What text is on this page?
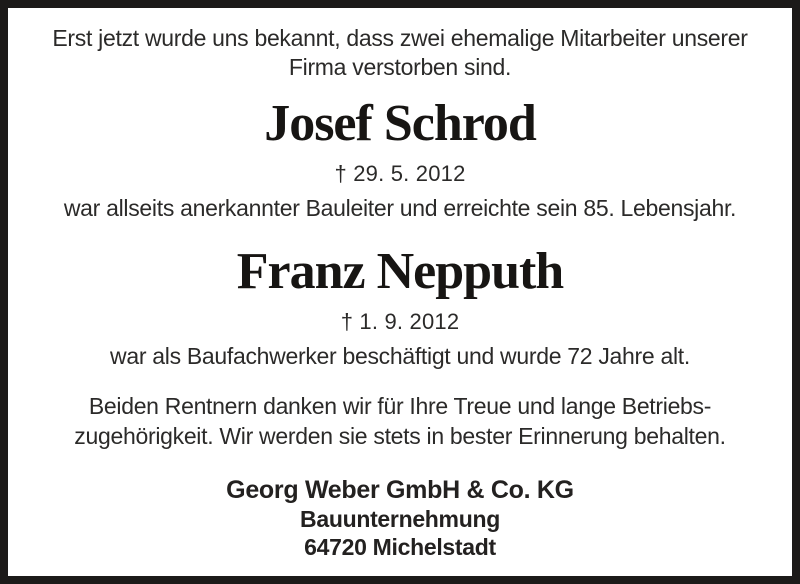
Erst jetzt wurde uns bekannt, dass zwei ehemalige Mitarbeiter unserer
Firma verstorben sind.
Josef Schrod
† 29. 5. 2012
war allseits anerkannter Bauleiter und erreichte sein 85. Lebensjahr.
Franz Nepputh
† 1. 9. 2012
war als Baufachwerker beschäftigt und wurde 72 Jahre alt.
Beiden Rentnern danken wir für Ihre Treue und lange Betriebs-
zugehörigkeit. Wir werden sie stets in bester Erinnerung behalten.
Georg Weber GmbH & Co. KG
Bauunternehmung
64720 Michelstadt
